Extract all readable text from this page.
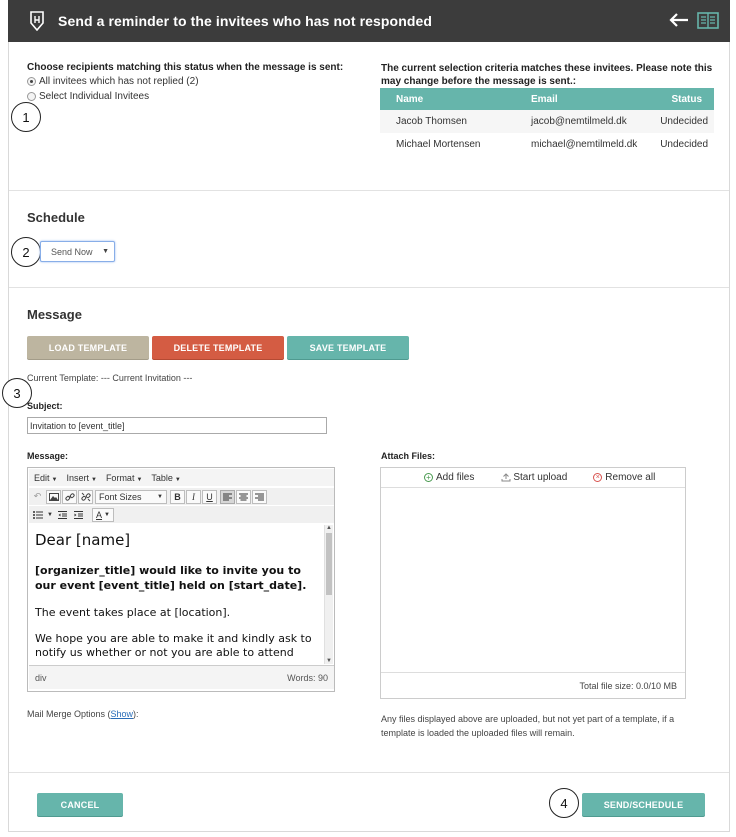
Send a reminder to the invitees who has not responded
Choose recipients matching this status when the message is sent:
All invitees which has not replied (2)
Select Individual Invitees
1
The current selection criteria matches these invitees. Please note this may change before the message is sent.:
Name	Email	Status
Jacob Thomsen	jacob@nemtilmeld.dk	Undecided
Michael Mortensen	michael@nemtilmeld.dk	Undecided
Schedule
2	Send Now ▼
Message
LOAD TEMPLATE	DELETE TEMPLATE	SAVE TEMPLATE
Current Template: --- Current Invitation ---
3
Subject:
Invitation to [event_title]
Message:
Edit ▼ Insert ▼ Format ▼ Table ▼
↶	Font Sizes	▼	B	I	U
▼	A ▼
Dear [name]
[organizer_title] would like to invite you to our event [event_title] held on [start_date].
The event takes place at [location].
We hope you are able to make it and kindly ask to notify us whether or not you are able to attend
▲
▼
div	Words: 90
Mail Merge Options (Show):
Attach Files:
+ Add files	Start upload	× Remove all
Total file size: 0.0/10 MB
Any files displayed above are uploaded, but not yet part of a template, if a template is loaded the uploaded files will remain.
CANCEL	4	SEND/SCHEDULE
